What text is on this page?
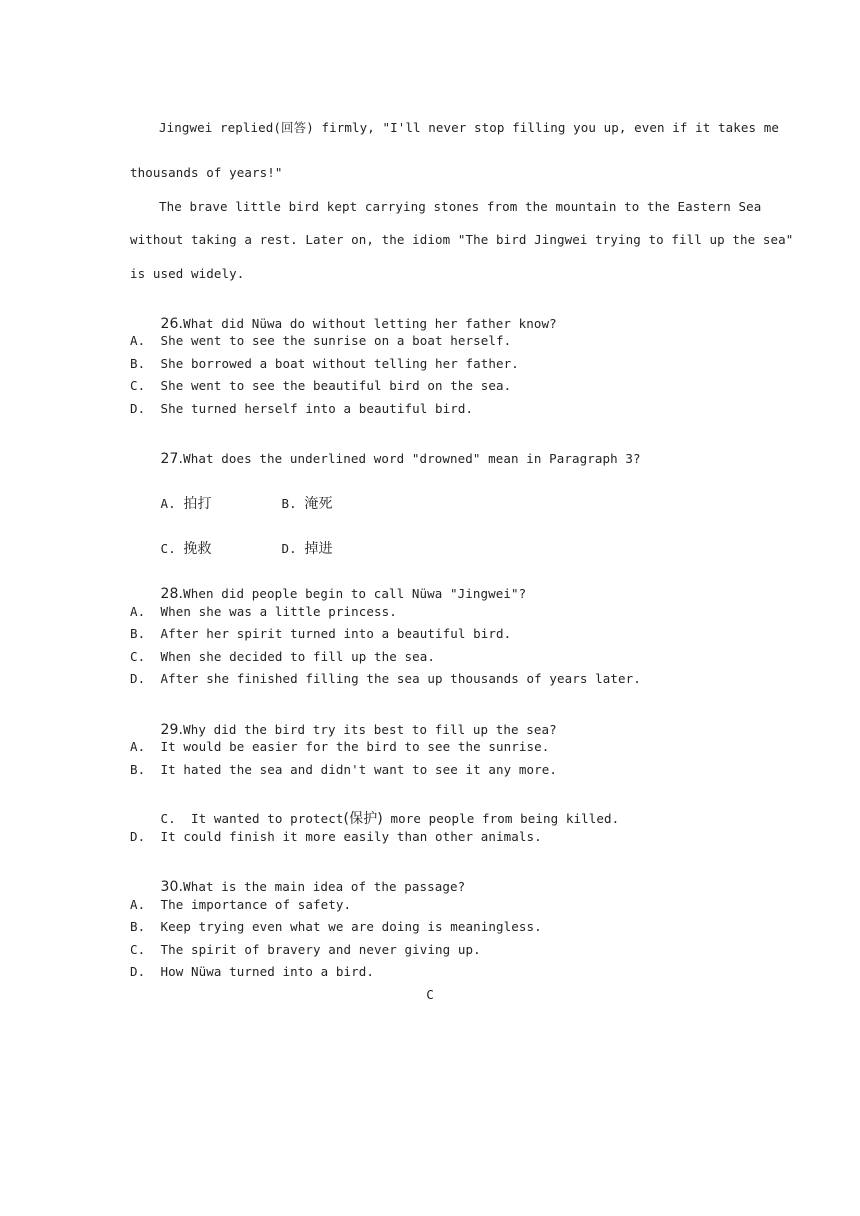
Jingwei replied(回答) firmly, "I'll never stop filling you up, even if it takes me
thousands of years!"
The brave little bird kept carrying stones from the mountain to the Eastern Sea
without taking a rest. Later on, the idiom "The bird Jingwei trying to fill up the sea"
is used widely.

26.What did Nüwa do without letting her father know?

A.  She went to see the sunrise on a boat herself.
B.  She borrowed a boat without telling her father.
C.  She went to see the beautiful bird on the sea.
D.  She turned herself into a beautiful bird.

27.What does the underlined word "drowned" mean in Paragraph 3?

A. 拍打
	B. 淹死

C. 挽救
	D. 掉进

28.When did people begin to call Nüwa "Jingwei"?

A.  When she was a little princess.
B.  After her spirit turned into a beautiful bird.
C.  When she decided to fill up the sea.
D.  After she finished filling the sea up thousands of years later.

29.Why did the bird try its best to fill up the sea?

A.  It would be easier for the bird to see the sunrise.
B.  It hated the sea and didn't want to see it any more.

C.  It wanted to protect(保护) more people from being killed.

D.  It could finish it more easily than other animals.

30.What is the main idea of the passage?

A.  The importance of safety.
B.  Keep trying even what we are doing is meaningless.
C.  The spirit of bravery and never giving up.
D.  How Nüwa turned into a bird.
C
